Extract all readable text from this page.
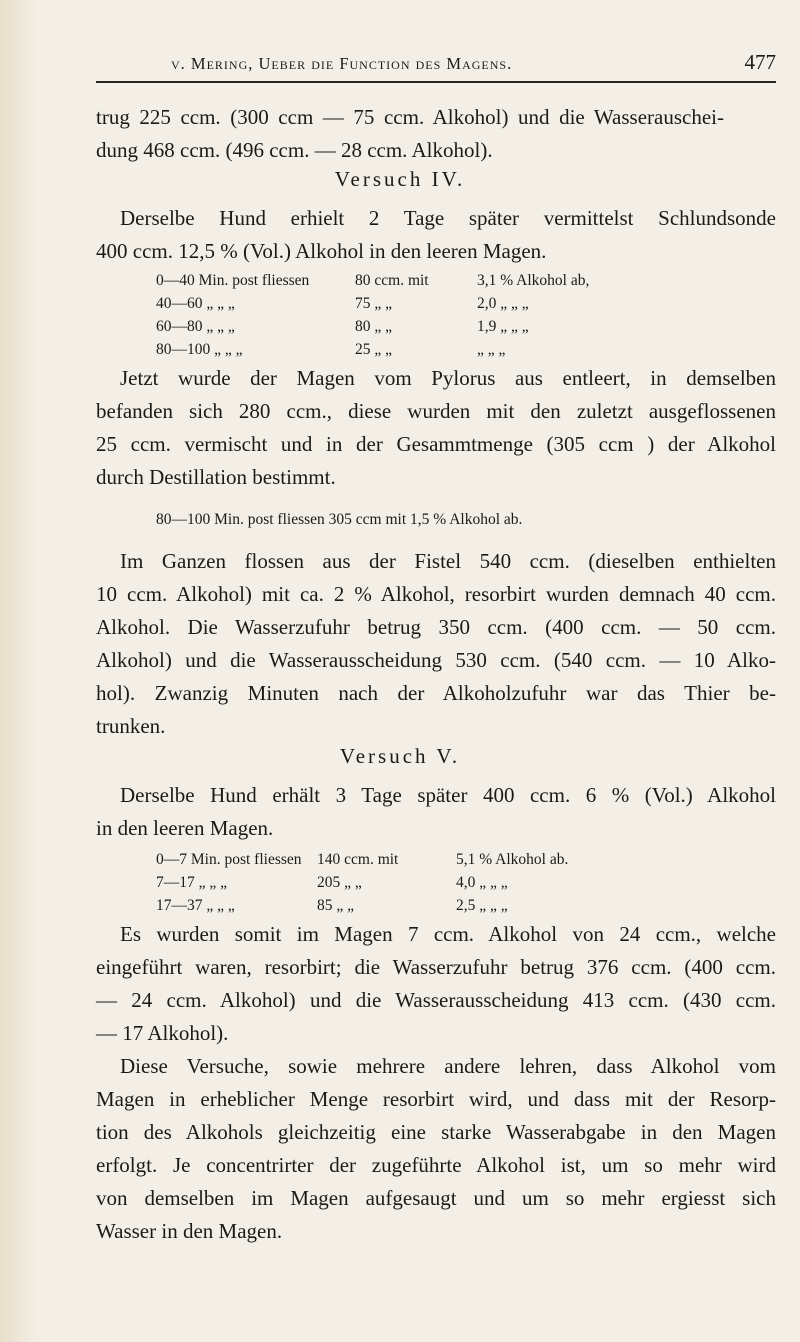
v. Mering, Ueber die Function des Magens.	477

trug 225 ccm. (300 ccm — 75 ccm. Alkohol) und die Wasserauschei-
dung 468 ccm. (496 ccm. — 28 ccm. Alkohol).

Versuch IV.

Derselbe Hund erhielt 2 Tage später vermittelst Schlundsonde
400 ccm. 12,5 % (Vol.) Alkohol in den leeren Magen.

0—40 Min. post fliessen	80 ccm. mit	3,1 % Alkohol ab,
40—60 „ „ „	75 „ „	2,0 „ „ „
60—80 „ „ „	80 „ „	1,9 „ „ „
80—100 „ „ „	25 „ „	„ „ „

Jetzt wurde der Magen vom Pylorus aus entleert, in demselben
befanden sich 280 ccm., diese wurden mit den zuletzt ausgeflossenen
25 ccm. vermischt und in der Gesammtmenge (305 ccm ) der Alkohol
durch Destillation bestimmt.

80—100 Min. post fliessen 305 ccm mit 1,5 % Alkohol ab.

Im Ganzen flossen aus der Fistel 540 ccm. (dieselben enthielten
10 ccm. Alkohol) mit ca. 2 % Alkohol, resorbirt wurden demnach 40 ccm.
Alkohol. Die Wasserzufuhr betrug 350 ccm. (400 ccm. — 50 ccm.
Alkohol) und die Wasserausscheidung 530 ccm. (540 ccm. — 10 Alko-
hol). Zwanzig Minuten nach der Alkoholzufuhr war das Thier be-
trunken.

Versuch V.

Derselbe Hund erhält 3 Tage später 400 ccm. 6 % (Vol.) Alkohol
in den leeren Magen.

0—7 Min. post fliessen 140 ccm. mit	5,1 % Alkohol ab.
7—17 „ „ „	205 „ „	4,0 „ „ „
17—37 „ „ „	85 „ „	2,5 „ „ „

Es wurden somit im Magen 7 ccm. Alkohol von 24 ccm., welche
eingeführt waren, resorbirt; die Wasserzufuhr betrug 376 ccm. (400 ccm.
— 24 ccm. Alkohol) und die Wasserausscheidung 413 ccm. (430 ccm.
— 17 Alkohol).

Diese Versuche, sowie mehrere andere lehren, dass Alkohol vom
Magen in erheblicher Menge resorbirt wird, und dass mit der Resorp-
tion des Alkohols gleichzeitig eine starke Wasserabgabe in den Magen
erfolgt. Je concentrirter der zugeführte Alkohol ist, um so mehr wird
von demselben im Magen aufgesaugt und um so mehr ergiesst sich
Wasser in den Magen.
